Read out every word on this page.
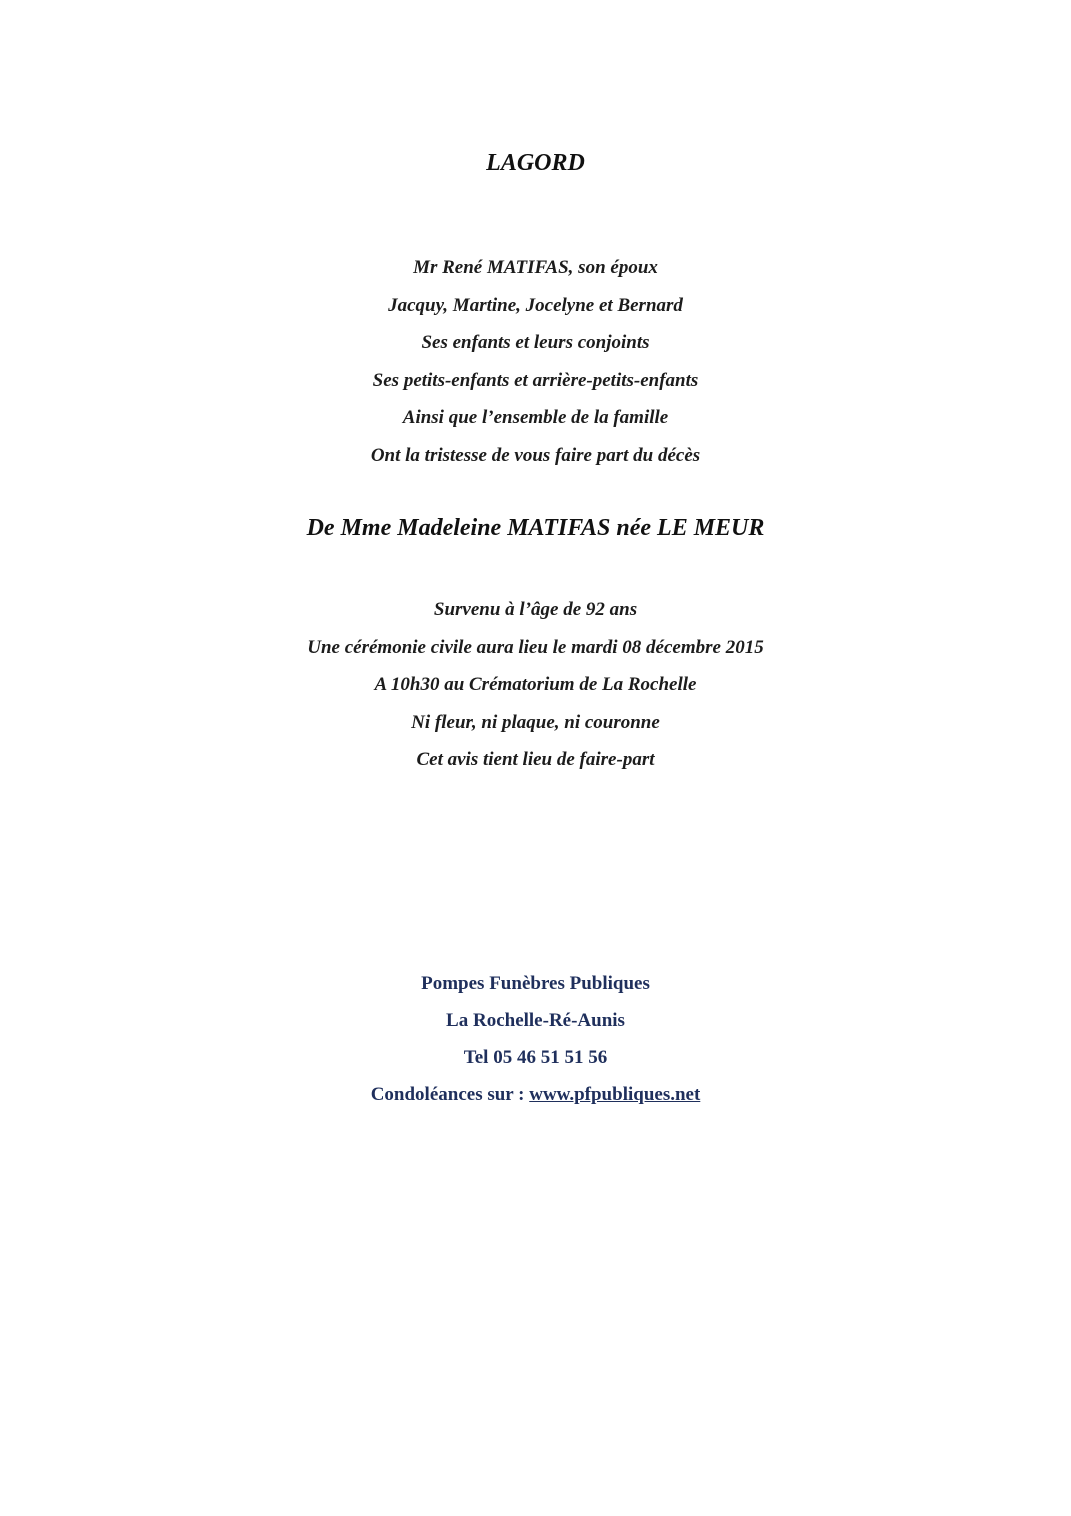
LAGORD
Mr René MATIFAS, son époux
Jacquy, Martine, Jocelyne et Bernard
Ses enfants et leurs conjoints
Ses petits-enfants et arrière-petits-enfants
Ainsi que l’ensemble de la famille
Ont la tristesse de vous faire part du décès
De Mme Madeleine MATIFAS née LE MEUR
Survenu à l’âge de 92 ans
Une cérémonie civile aura lieu le mardi 08 décembre 2015
A 10h30 au Crématorium de La Rochelle
Ni fleur, ni plaque, ni couronne
Cet avis tient lieu de faire-part
Pompes Funèbres Publiques
La Rochelle-Ré-Aunis
Tel 05 46 51 51 56
Condoléances sur : www.pfpubliques.net
